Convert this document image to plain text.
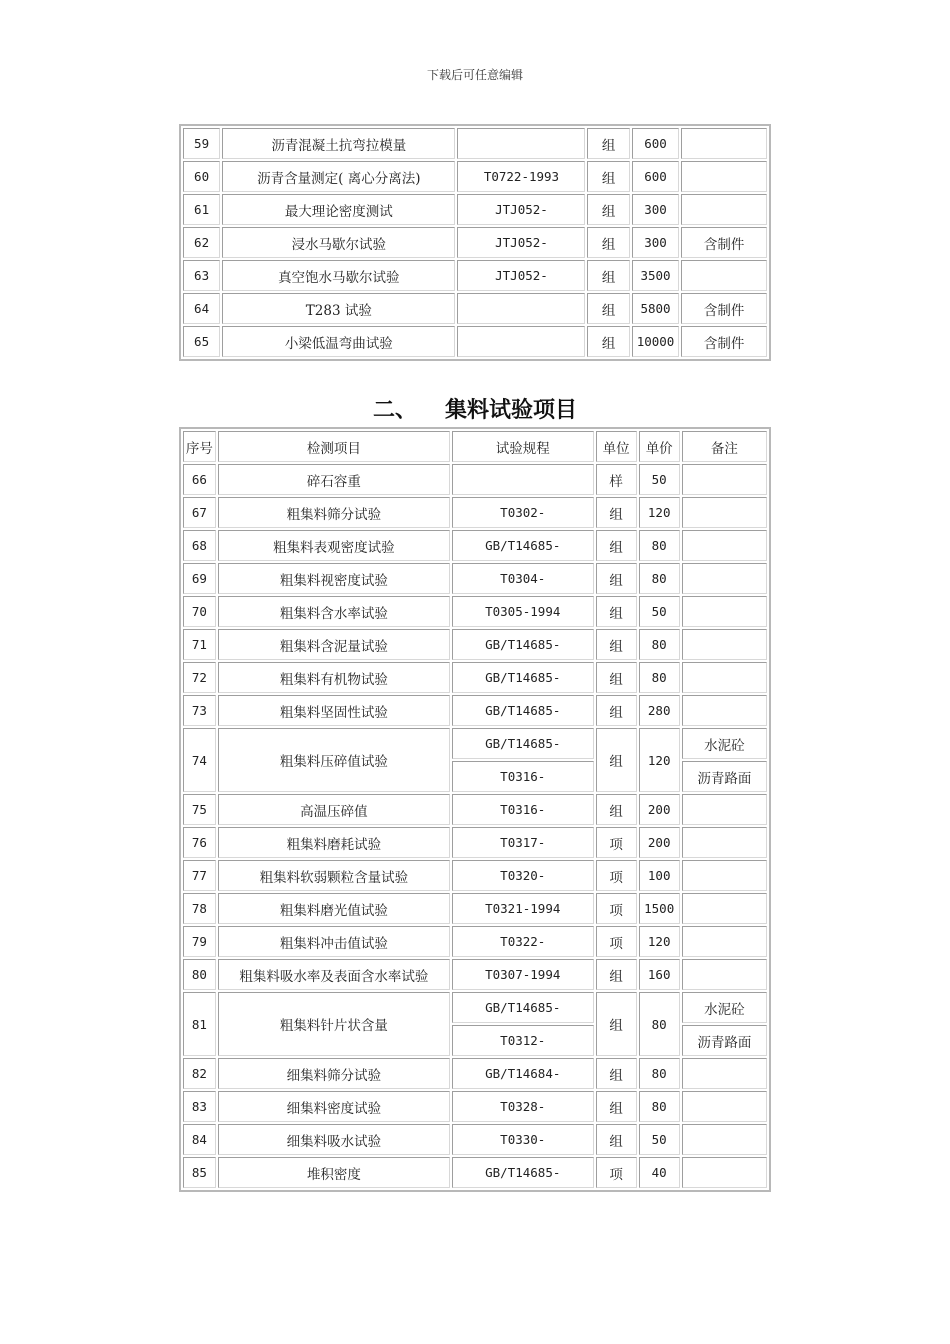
下载后可任意编辑
59	沥青混凝土抗弯拉模量		组	600	
60	沥青含量测定( 离心分离法)	T0722-1993	组	600	
61	最大理论密度测试	JTJ052-	组	300	
62	浸水马歇尔试验	JTJ052-	组	300	含制件
63	真空饱水马歇尔试验	JTJ052-	组	3500	
64	T283 试验		组	5800	含制件
65	小梁低温弯曲试验		组	10000	含制件
二、 集料试验项目
序号	检测项目	试验规程	单位	单价	备注
66	碎石容重		样	50	
67	粗集料筛分试验	T0302-	组	120	
68	粗集料表观密度试验	GB/T14685-	组	80	
69	粗集料视密度试验	T0304-	组	80	
70	粗集料含水率试验	T0305-1994	组	50	
71	粗集料含泥量试验	GB/T14685-	组	80	
72	粗集料有机物试验	GB/T14685-	组	80	
73	粗集料坚固性试验	GB/T14685-	组	280	
74	粗集料压碎值试验	GB/T14685-	组	120	水泥砼
		T0316-			沥青路面
75	高温压碎值	T0316-	组	200	
76	粗集料磨耗试验	T0317-	项	200	
77	粗集料软弱颗粒含量试验	T0320-	项	100	
78	粗集料磨光值试验	T0321-1994	项	1500	
79	粗集料冲击值试验	T0322-	项	120	
80	粗集料吸水率及表面含水率试验	T0307-1994	组	160	
81	粗集料针片状含量	GB/T14685-	组	80	水泥砼
		T0312-			沥青路面
82	细集料筛分试验	GB/T14684-	组	80	
83	细集料密度试验	T0328-	组	80	
84	细集料吸水试验	T0330-	组	50	
85	堆积密度	GB/T14685-	项	40	
